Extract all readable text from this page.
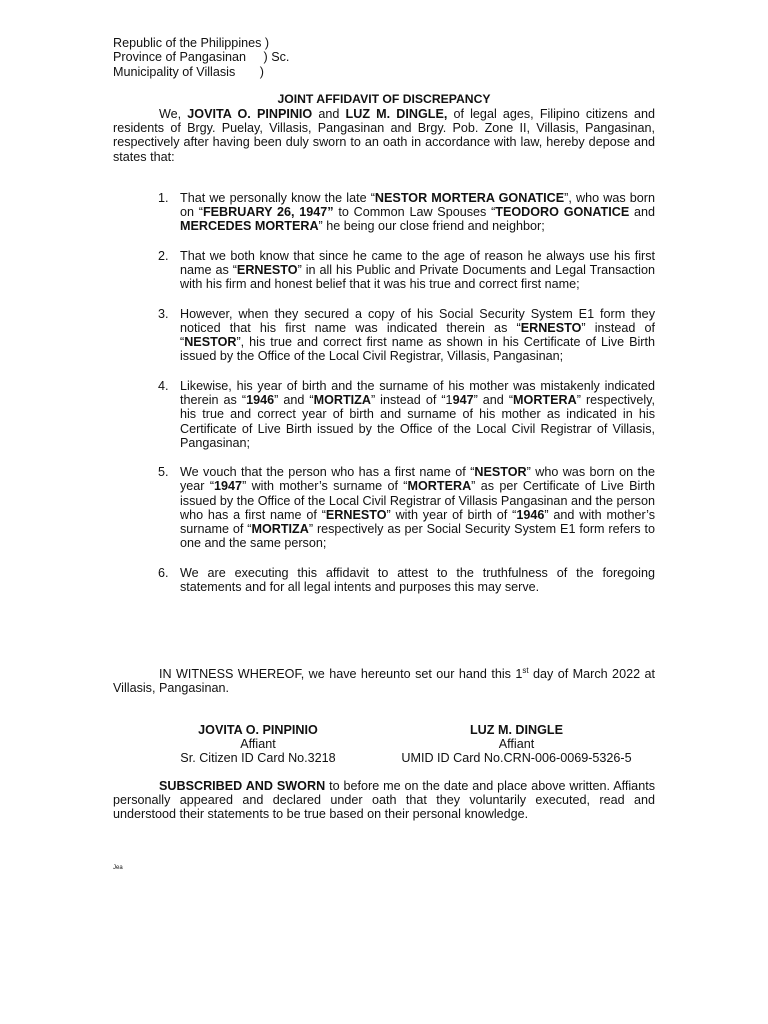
Republic of the Philippines )
Province of Pangasinan     ) Sc.
Municipality of Villasis       )
JOINT AFFIDAVIT OF DISCREPANCY

We, JOVITA O. PINPINIO and LUZ M. DINGLE, of legal ages, Filipino citizens and residents of Brgy. Puelay, Villasis, Pangasinan and Brgy. Pob. Zone II, Villasis, Pangasinan, respectively after having been duly sworn to an oath in accordance with law, hereby depose and states that:

1. That we personally know the late “NESTOR MORTERA GONATICE”, who was born on “FEBRUARY 26, 1947” to Common Law Spouses “TEODORO GONATICE and MERCEDES MORTERA” he being our close friend and neighbor;
2. That we both know that since he came to the age of reason he always use his first name as “ERNESTO” in all his Public and Private Documents and Legal Transaction with his firm and honest belief that it was his true and correct first name;
3. However, when they secured a copy of his Social Security System E1 form they noticed that his first name was indicated therein as “ERNESTO” instead of “NESTOR”, his true and correct first name as shown in his Certificate of Live Birth issued by the Office of the Local Civil Registrar, Villasis, Pangasinan;
4. Likewise, his year of birth and the surname of his mother was mistakenly indicated therein as “1946” and “MORTIZA” instead of “1947” and “MORTERA” respectively, his true and correct year of birth and surname of his mother as indicated in his Certificate of Live Birth issued by the Office of the Local Civil Registrar of Villasis, Pangasinan;
5. We vouch that the person who has a first name of “NESTOR” who was born on the year “1947” with mother’s surname of “MORTERA” as per Certificate of Live Birth issued by the Office of the Local Civil Registrar of Villasis Pangasinan and the person who has a first name of “ERNESTO” with year of birth of “1946” and with mother’s surname of “MORTIZA” respectively as per Social Security System E1 form refers to one and the same person;
6. We are executing this affidavit to attest to the truthfulness of the foregoing statements and for all legal intents and purposes this may serve.

IN WITNESS WHEREOF, we have hereunto set our hand this 1st day of March 2022 at Villasis, Pangasinan.

JOVITA O. PINPINIO
Affiant
Sr. Citizen ID Card No.3218
LUZ M. DINGLE
Affiant
UMID ID Card No.CRN-006-0069-5326-5

SUBSCRIBED AND SWORN to before me on the date and place above written. Affiants personally appeared and declared under oath that they voluntarily executed, read and understood their statements to be true based on their personal knowledge.

Jea
